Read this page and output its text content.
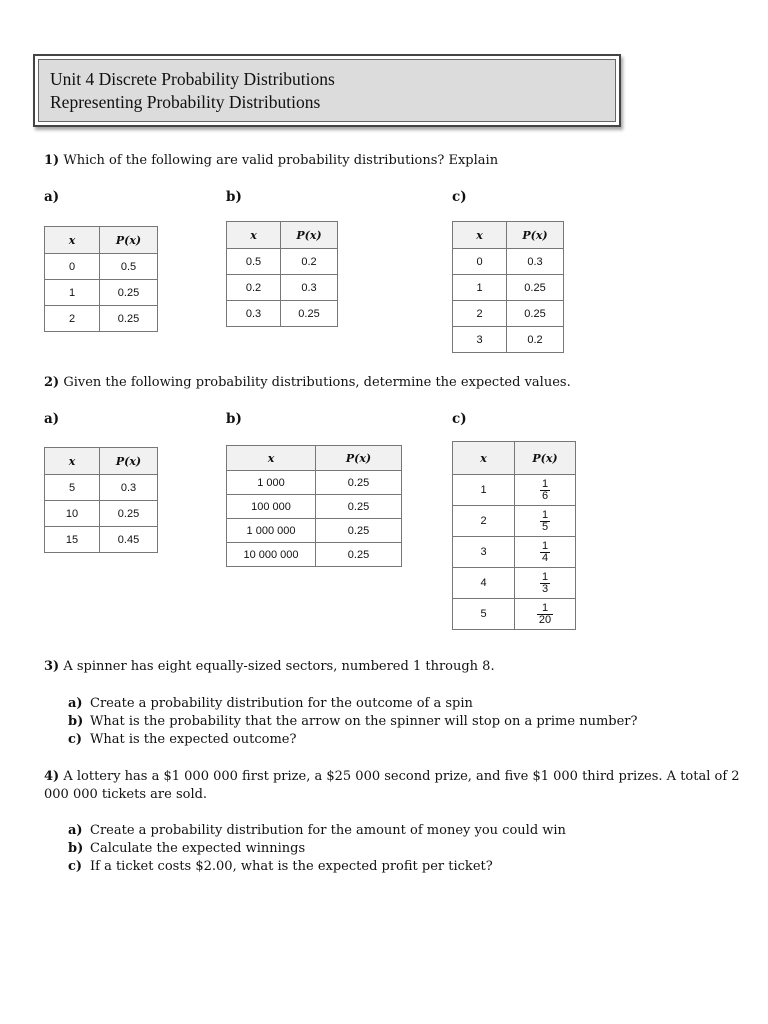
Unit 4 Discrete Probability Distributions
Representing Probability Distributions
1) Which of the following are valid probability distributions? Explain
a)	b)	c)
x	P(x)
0	0.5
1	0.25
2	0.25
x	P(x)
0.5	0.2
0.2	0.3
0.3	0.25
x	P(x)
0	0.3
1	0.25
2	0.25
3	0.2
2) Given the following probability distributions, determine the expected values.
a)	b)	c)
x	P(x)
5	0.3
10	0.25
15	0.45
x	P(x)
1 000	0.25
100 000	0.25
1 000 000	0.25
10 000 000	0.25
x	P(x)
1	$\frac{1}{6}$

2	$\frac{1}{5}$

3	$\frac{1}{4}$

4	$\frac{1}{3}$

5	$\frac{1}{20}$
3) A spinner has eight equally-sized sectors, numbered 1 through 8.
a) Create a probability distribution for the outcome of a spin
b) What is the probability that the arrow on the spinner will stop on a prime number?
c) What is the expected outcome?
4) A lottery has a $1 000 000 first prize, a $25 000 second prize, and five $1 000 third prizes. A total of 2
000 000 tickets are sold.
a) Create a probability distribution for the amount of money you could win
b) Calculate the expected winnings
c) If a ticket costs $2.00, what is the expected profit per ticket?
